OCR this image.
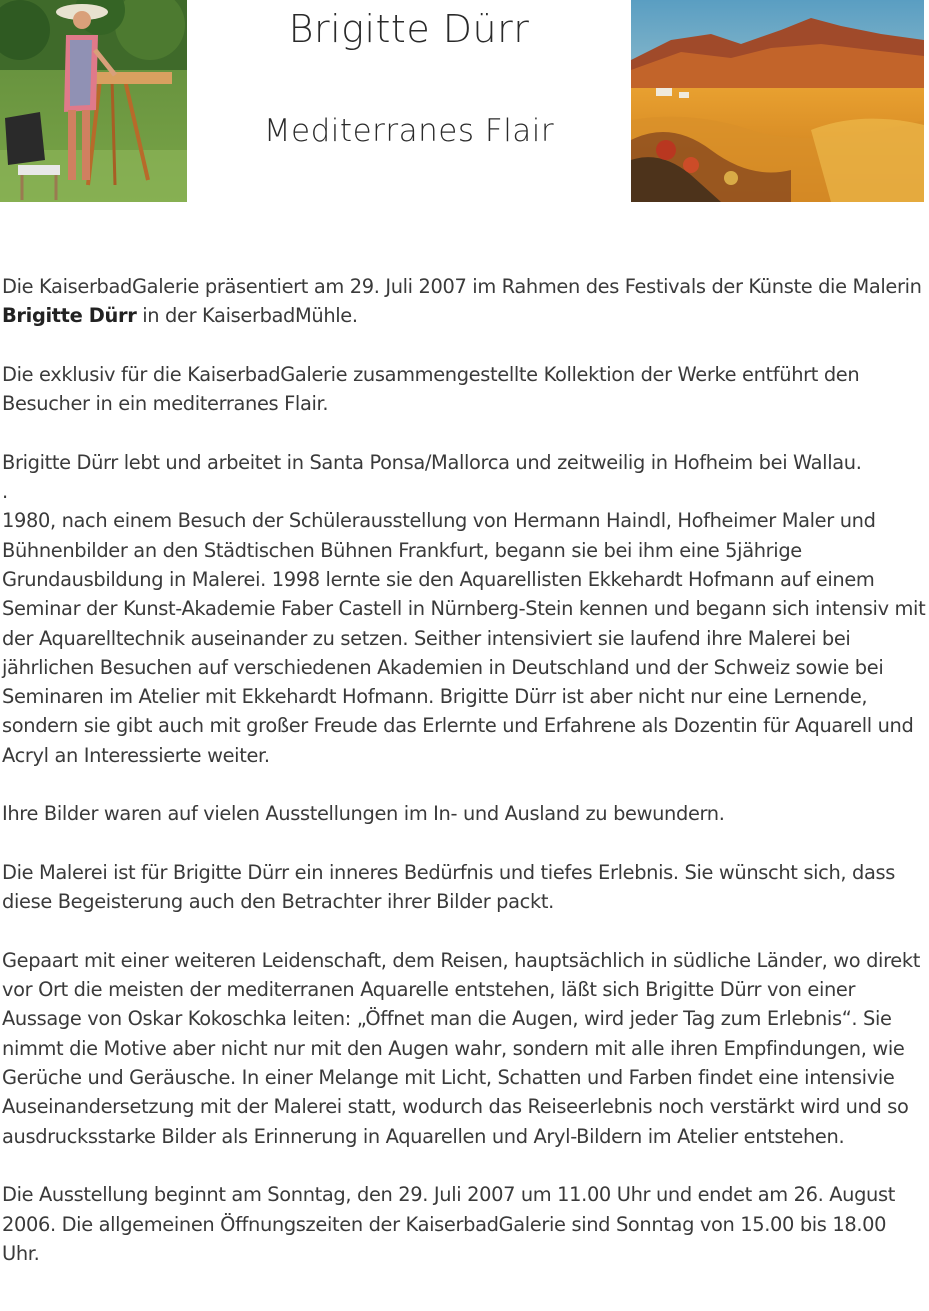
Brigitte Dürr
Mediterranes Flair

Die KaiserbadGalerie präsentiert am 29. Juli 2007 im Rahmen des Festivals der Künste die Malerin Brigitte Dürr in der KaiserbadMühle.

Die exklusiv für die KaiserbadGalerie zusammengestellte Kollektion der Werke entführt den Besucher in ein mediterranes Flair.

Brigitte Dürr lebt und arbeitet in Santa Ponsa/Mallorca und zeitweilig in Hofheim bei Wallau.
.
1980, nach einem Besuch der Schülerausstellung von Hermann Haindl, Hofheimer Maler und Bühnenbilder an den Städtischen Bühnen Frankfurt, begann sie bei ihm eine 5jährige Grundausbildung in Malerei. 1998 lernte sie den Aquarellisten Ekkehardt Hofmann auf einem Seminar der Kunst-Akademie Faber Castell in Nürnberg-Stein kennen und begann sich intensiv mit der Aquarelltechnik auseinander zu setzen. Seither intensiviert sie laufend ihre Malerei bei jährlichen Besuchen auf verschiedenen Akademien in Deutschland und der Schweiz sowie bei Seminaren im Atelier mit Ekkehardt Hofmann. Brigitte Dürr ist aber nicht nur eine Lernende, sondern sie gibt auch mit großer Freude das Erlernte und Erfahrene als Dozentin für Aquarell und Acryl an Interessierte weiter.

Ihre Bilder waren auf vielen Ausstellungen im In- und Ausland zu bewundern.

Die Malerei ist für Brigitte Dürr ein inneres Bedürfnis und tiefes Erlebnis. Sie wünscht sich, dass diese Begeisterung auch den Betrachter ihrer Bilder packt.

Gepaart mit einer weiteren Leidenschaft, dem Reisen, hauptsächlich in südliche Länder, wo direkt vor Ort die meisten der mediterranen Aquarelle entstehen, läßt sich Brigitte Dürr von einer Aussage von Oskar Kokoschka leiten: „Öffnet man die Augen, wird jeder Tag zum Erlebnis“. Sie nimmt die Motive aber nicht nur mit den Augen wahr, sondern mit alle ihren Empfindungen, wie Gerüche und Geräusche. In einer Melange mit Licht, Schatten und Farben findet eine intensivie Auseinandersetzung mit der Malerei statt, wodurch das Reiseerlebnis noch verstärkt wird und so ausdrucksstarke Bilder als Erinnerung in Aquarellen und Aryl-Bildern im Atelier entstehen.

Die Ausstellung beginnt am Sonntag, den 29. Juli 2007 um 11.00 Uhr und endet am 26. August 2006. Die allgemeinen Öffnungszeiten der KaiserbadGalerie sind Sonntag von 15.00 bis 18.00 Uhr.
